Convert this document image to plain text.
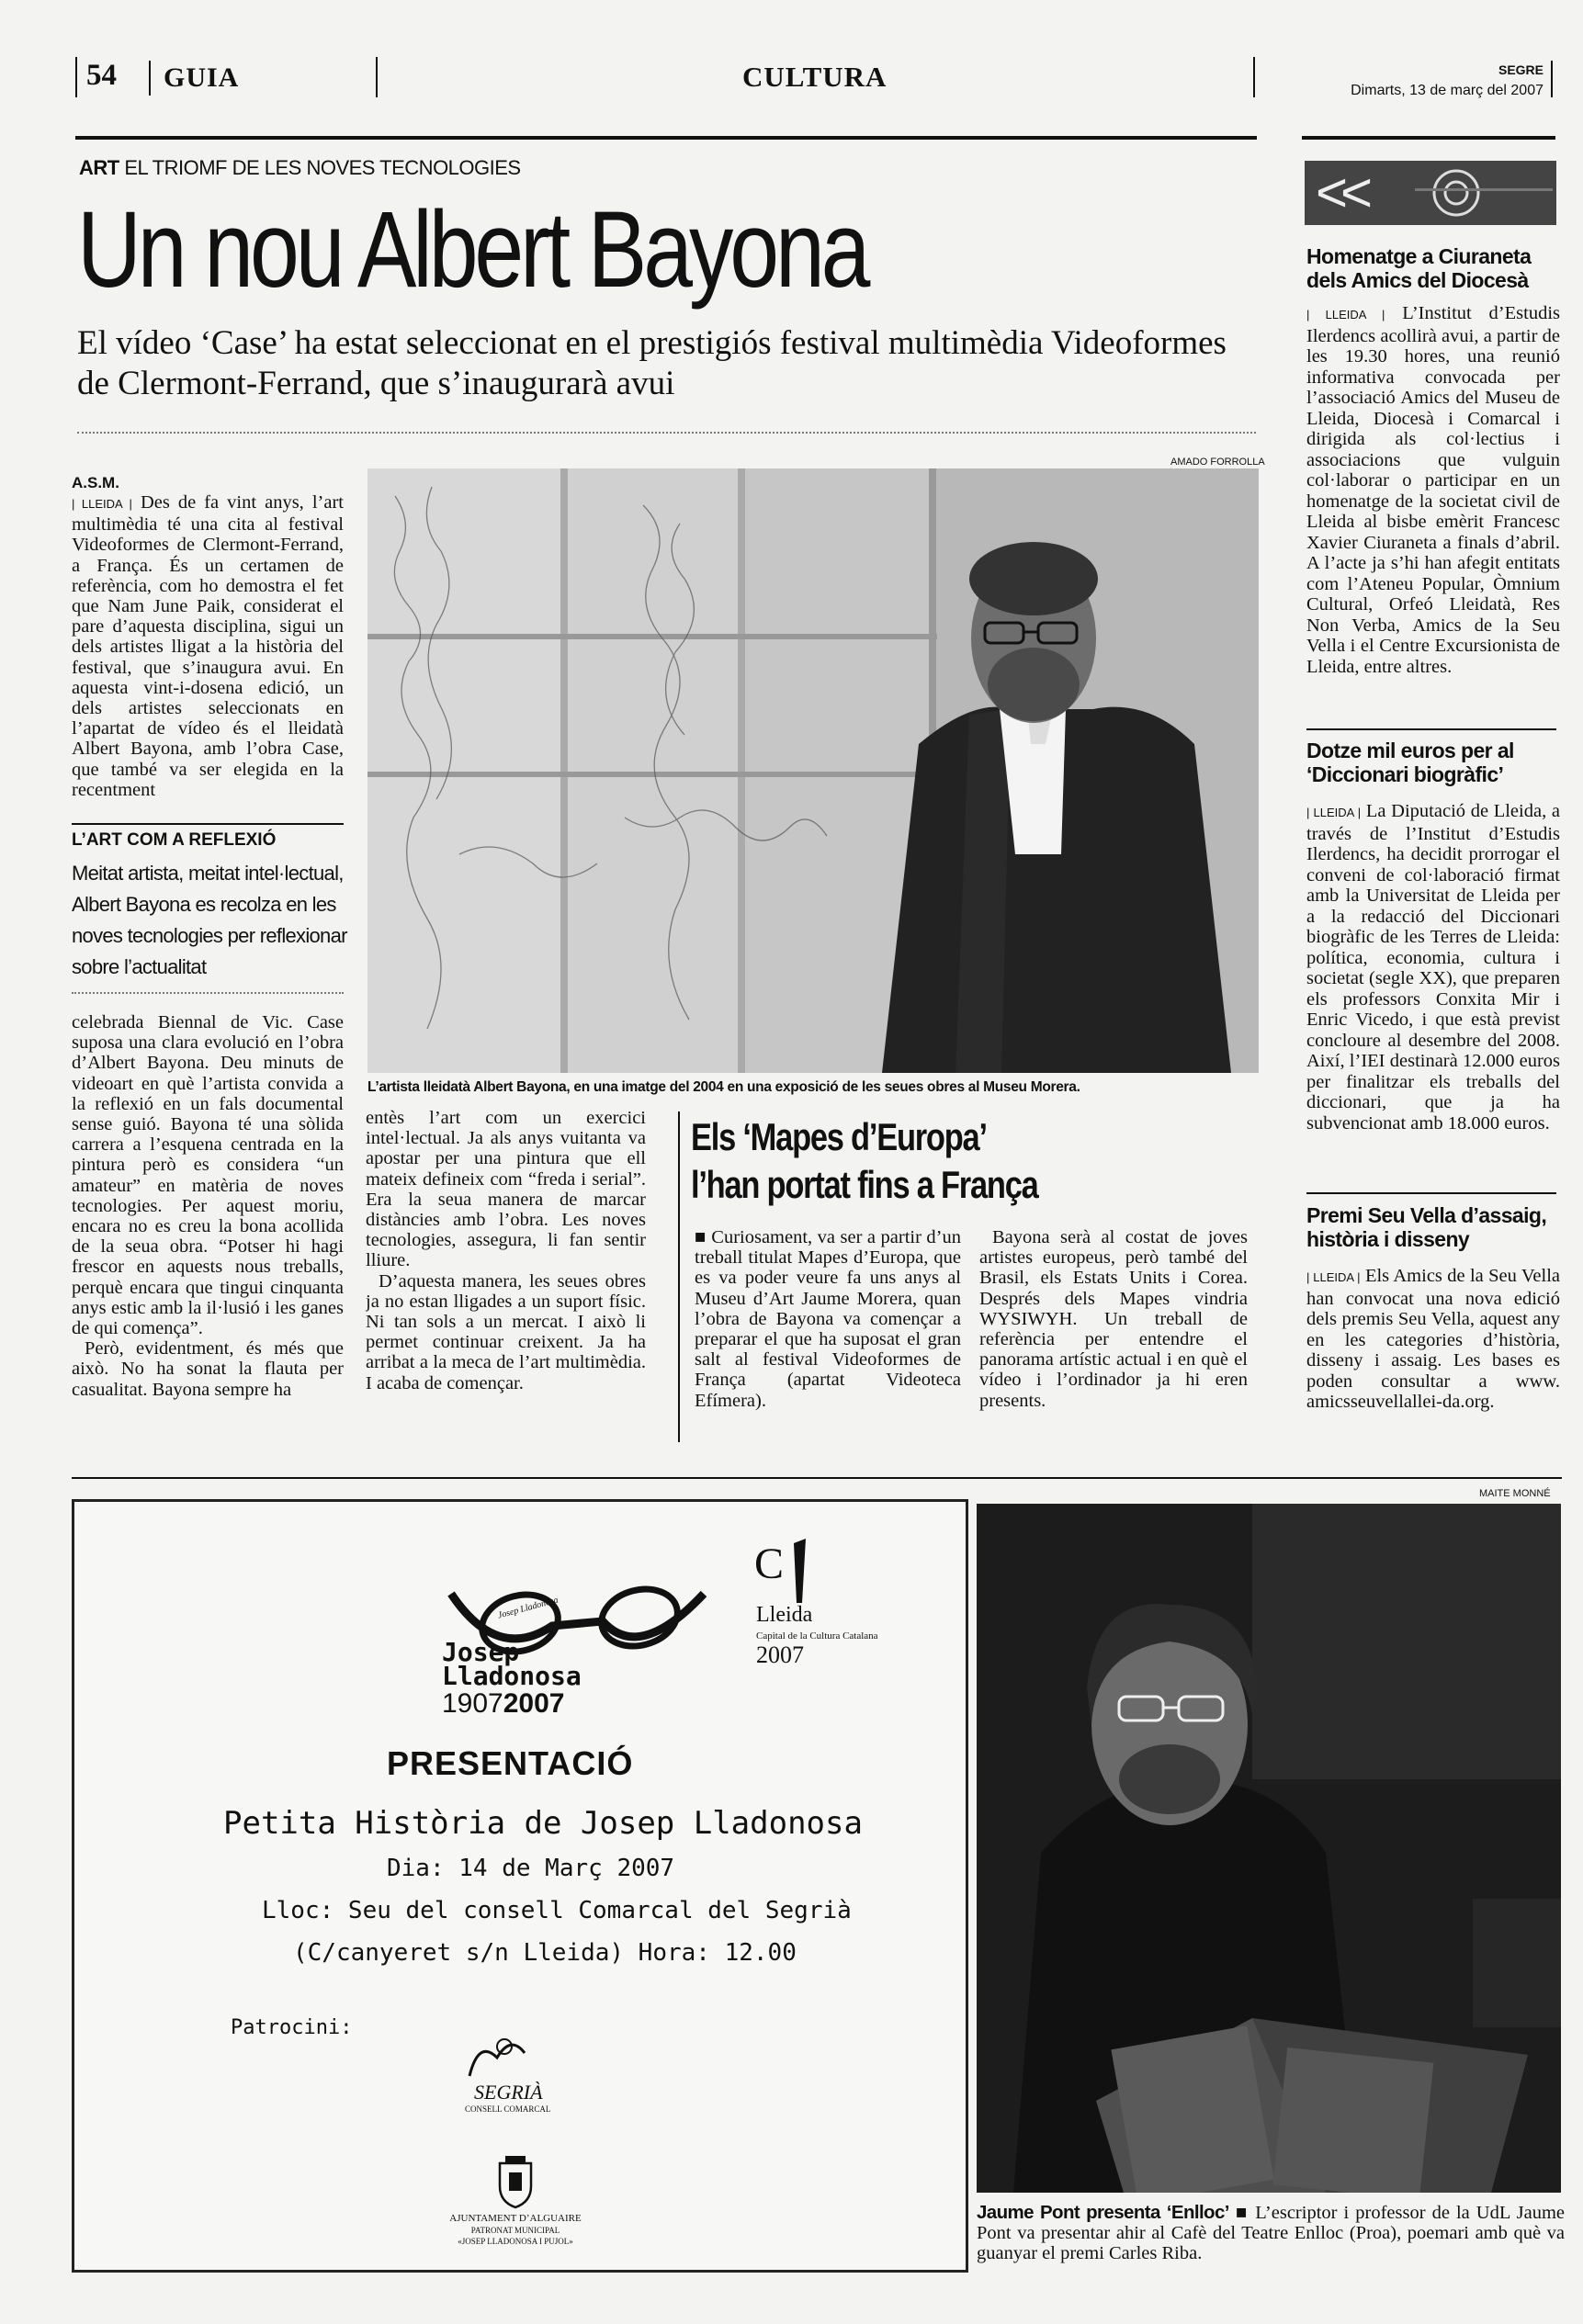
54 GUIA	CULTURA	SEGRE
Dimarts, 13 de març del 2007
ART EL TRIOMF DE LES NOVES TECNOLOGIES
Un nou Albert Bayona
El vídeo ‘Case’ ha estat seleccionat en el prestigiós festival multimèdia Videoformes de Clermont-Ferrand, que s’inaugurarà avui
A.S.M.

| LLEIDA | Des de fa vint anys, l’art multimèdia té una cita al festival Videoformes de Clermont-Ferrand, a França. És un certamen de referència, com ho demostra el fet que Nam June Paik, considerat el pare d’aquesta disciplina, sigui un dels artistes lligat a la història del festival, que s’inaugura avui. En aquesta vint-i-dosena edició, un dels artistes seleccionats en l’apartat de vídeo és el lleidatà Albert Bayona, amb l’obra Case, que també va ser elegida en la recentment

L’ART COM A REFLEXIÓ
Meitat artista, meitat intel·lectual, Albert Bayona es recolza en les noves tecnologies per reflexionar sobre l’actualitat

celebrada Biennal de Vic. Case suposa una clara evolució en l’obra d’Albert Bayona. Deu minuts de videoart en què l’artista convida a la reflexió en un fals documental sense guió. Bayona té una sòlida carrera a l’esquena centrada en la pintura però es considera “un amateur” en matèria de noves tecnologies. Per aquest moriu, encara no es creu la bona acollida de la seua obra. “Potser hi hagi frescor en aquests nous treballs, perquè encara que tingui cinquanta anys estic amb la il·lusió i les ganes de qui comença”.

Però, evidentment, és més que això. No ha sonat la flauta per casualitat. Bayona sempre ha

AMADO FORROLLA
L’artista lleidatà Albert Bayona, en una imatge del 2004 en una exposició de les seues obres al Museu Morera.

entès l’art com un exercici intel·lectual. Ja als anys vuitanta va apostar per una pintura que ell mateix defineix com “freda i serial”. Era la seua manera de marcar distàncies amb l’obra. Les noves tecnologies, assegura, li fan sentir lliure.

D’aquesta manera, les seues obres ja no estan lligades a un suport físic. Ni tan sols a un mercat. I això li permet continuar creixent. Ja ha arribat a la meca de l’art multimèdia. I acaba de començar.

Els ‘Mapes d’Europa’ l’han portat fins a França

■ Curiosament, va ser a partir d’un treball titulat Mapes d’Europa, que es va poder veure fa uns anys al Museu d’Art Jaume Morera, quan l’obra de Bayona va començar a preparar el que ha suposat el gran salt al festival Videoformes de França (apartat Videoteca Efímera).

Bayona serà al costat de joves artistes europeus, però també del Brasil, els Estats Units i Corea. Després dels Mapes vindria WYSIWYH. Un treball de referència per entendre el panorama artístic actual i en què el vídeo i l’ordinador ja hi eren presents.

<<
Homenatge a Ciuraneta dels Amics del Diocesà
| LLEIDA | L’Institut d’Estudis Ilerdencs acollirà avui, a partir de les 19.30 hores, una reunió informativa convocada per l’associació Amics del Museu de Lleida, Diocesà i Comarcal i dirigida als col·lectius i associacions que vulguin col·laborar o participar en un homenatge de la societat civil de Lleida al bisbe emèrit Francesc Xavier Ciuraneta a finals d’abril. A l’acte ja s’hi han afegit entitats com l’Ateneu Popular, Òmnium Cultural, Orfeó Lleidatà, Res Non Verba, Amics de la Seu Vella i el Centre Excursionista de Lleida, entre altres.
Dotze mil euros per al ‘Diccionari biogràfic’
| LLEIDA | La Diputació de Lleida, a través de l’Institut d’Estudis Ilerdencs, ha decidit prorrogar el conveni de col·laboració firmat amb la Universitat de Lleida per a la redacció del Diccionari biogràfic de les Terres de Lleida: política, economia, cultura i societat (segle XX), que preparen els professors Conxita Mir i Enric Vicedo, i que està previst concloure al desembre del 2008. Així, l’IEI destinarà 12.000 euros per finalitzar els treballs del diccionari, que ja ha subvencionat amb 18.000 euros.
Premi Seu Vella d’assaig, història i disseny
| LLEIDA | Els Amics de la Seu Vella han convocat una nova edició dels premis Seu Vella, aquest any en les categories d’història, disseny i assaig. Les bases es poden consultar a www. amicsseuvellallei-da.org.
Josep Lladonosa
Josep
Lladonosa
19072007
C
Lleida
Capital de la Cultura Catalana
2007
PRESENTACIÓ
Petita Història de Josep Lladonosa
Dia: 14 de Març 2007
Lloc: Seu del consell Comarcal del Segrià
(C/canyeret s/n Lleida) Hora: 12.00
Patrocini:
SEGRIÀ
CONSELL COMARCAL
AJUNTAMENT D’ALGUAIRE
PATRONAT MUNICIPAL
«JOSEP LLADONOSA I PUJOL»
MAITE MONNÉ
Jaume Pont presenta ‘Enlloc’ ■ L’escriptor i professor de la UdL Jaume Pont va presentar ahir al Cafè del Teatre Enlloc (Proa), poemari amb què va guanyar el premi Carles Riba.
